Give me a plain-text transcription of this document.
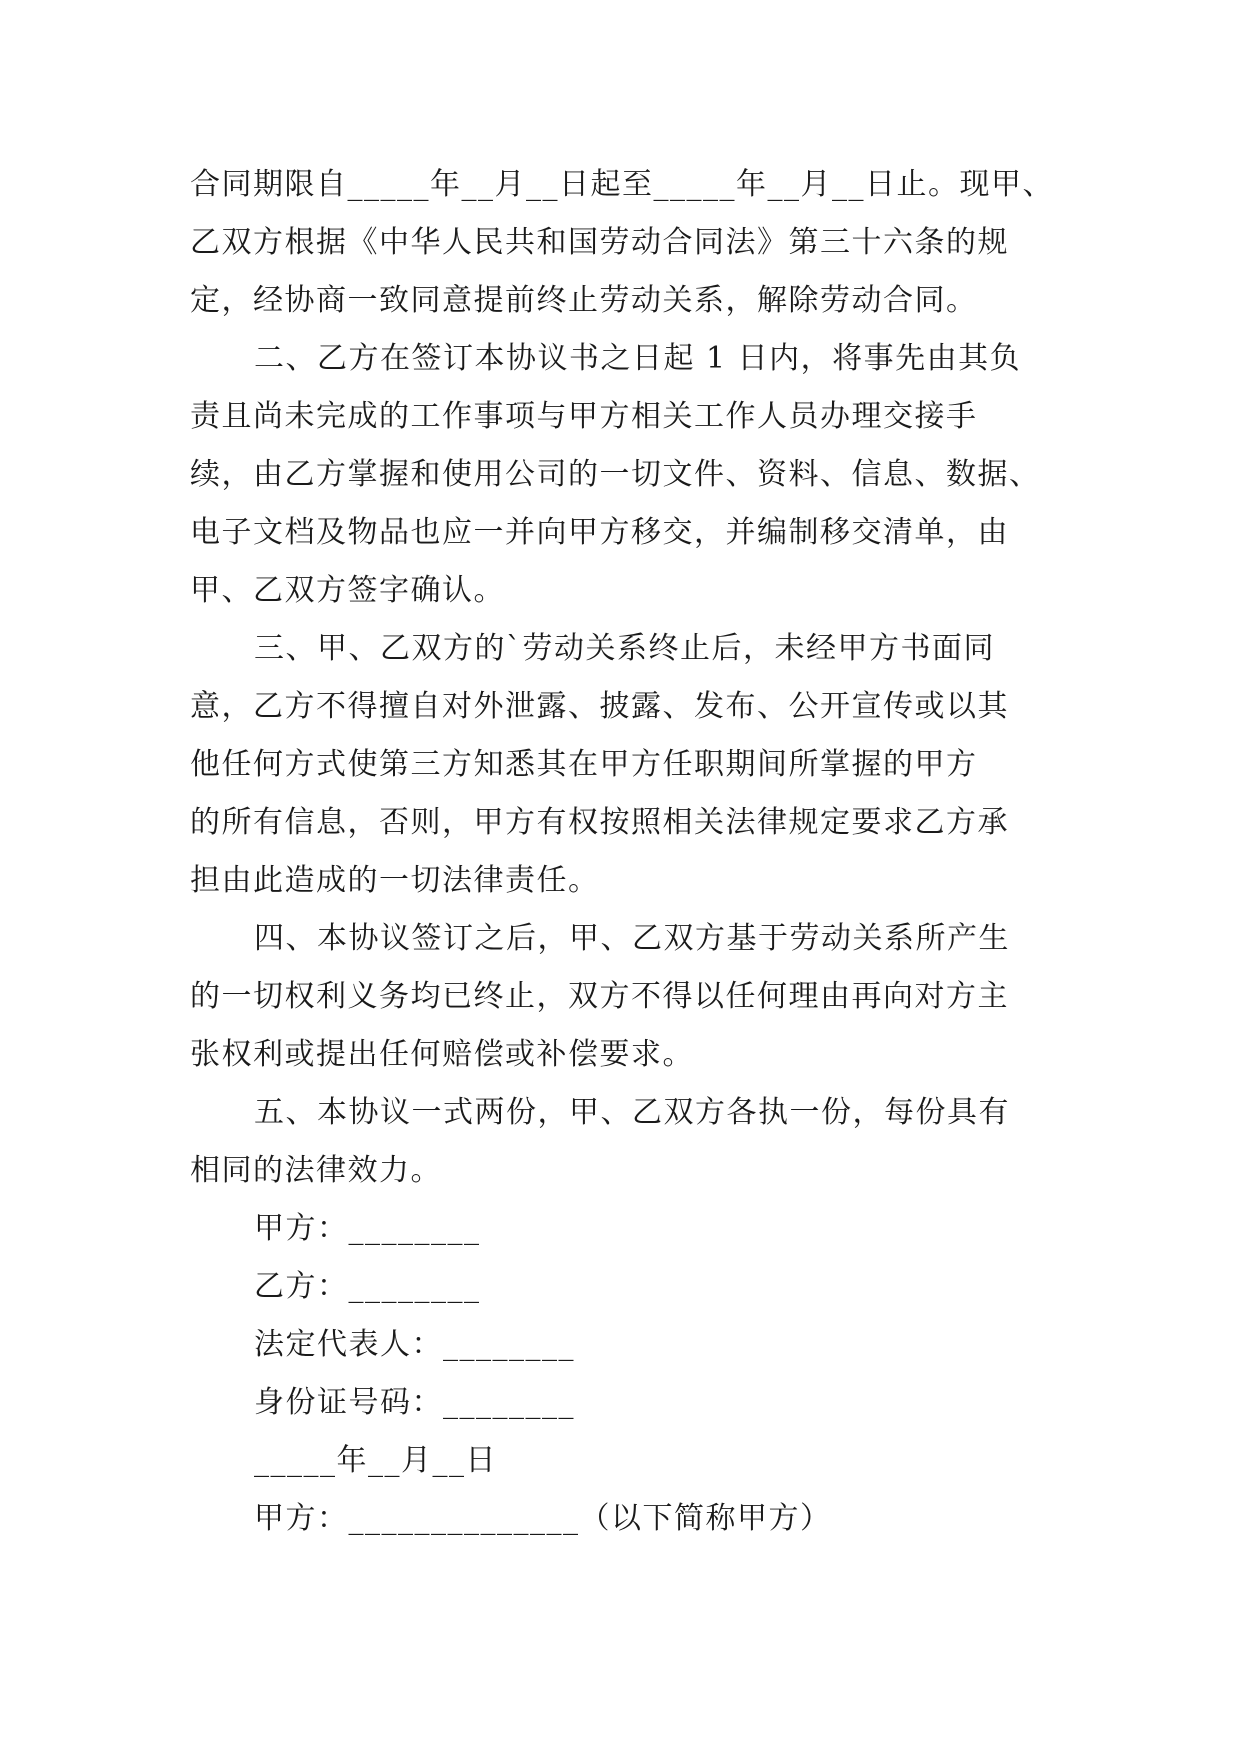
合同期限自_____年__月__日起至_____年__月__日止。现甲、
乙双方根据《中华人民共和国劳动合同法》第三十六条的规
定，经协商一致同意提前终止劳动关系，解除劳动合同。
二、乙方在签订本协议书之日起 1 日内，将事先由其负
责且尚未完成的工作事项与甲方相关工作人员办理交接手
续，由乙方掌握和使用公司的一切文件、资料、信息、数据、
电子文档及物品也应一并向甲方移交，并编制移交清单，由
甲、乙双方签字确认。
三、甲、乙双方的`劳动关系终止后，未经甲方书面同
意，乙方不得擅自对外泄露、披露、发布、公开宣传或以其
他任何方式使第三方知悉其在甲方任职期间所掌握的甲方
的所有信息，否则，甲方有权按照相关法律规定要求乙方承
担由此造成的一切法律责任。
四、本协议签订之后，甲、乙双方基于劳动关系所产生
的一切权利义务均已终止，双方不得以任何理由再向对方主
张权利或提出任何赔偿或补偿要求。
五、本协议一式两份，甲、乙双方各执一份，每份具有
相同的法律效力。
甲方：________
乙方：________
法定代表人：________
身份证号码：________
_____年__月__日
甲方：______________（以下简称甲方）
